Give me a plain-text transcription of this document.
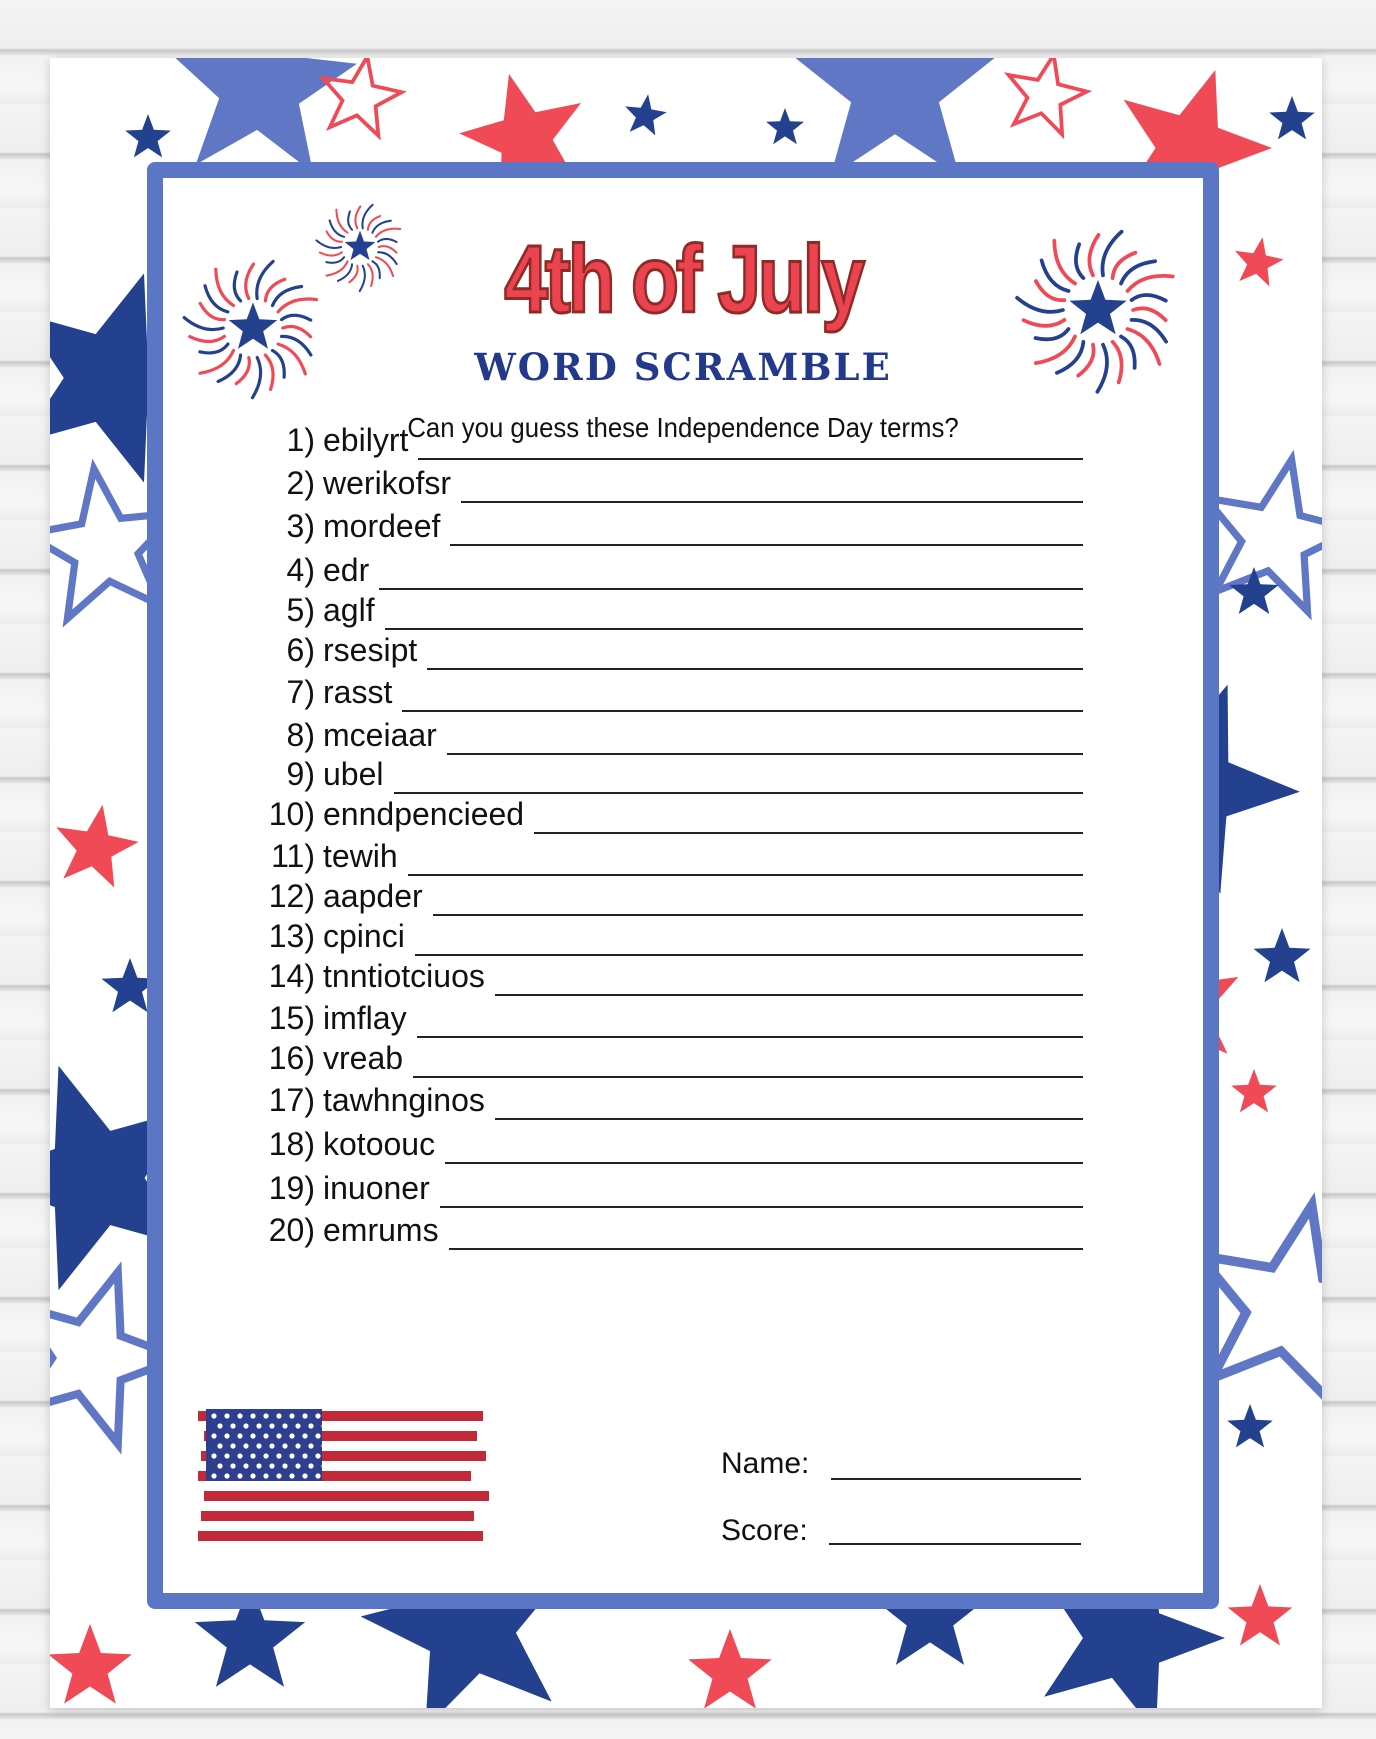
4th of July
WORD SCRAMBLE
Can you guess these Independence Day terms?
1) ebilyrt
2) werikofsr
3) mordeef
4) edr
5) aglf
6) rsesipt
7) rasst
8) mceiaar
9) ubel
10) enndpencieed
11) tewih
12) aapder
13) cpinci
14) tnntiotciuos
15) imflay
16) vreab
17) tawhnginos
18) kotoouc
19) inuoner
20) emrums
Name:
Score:
